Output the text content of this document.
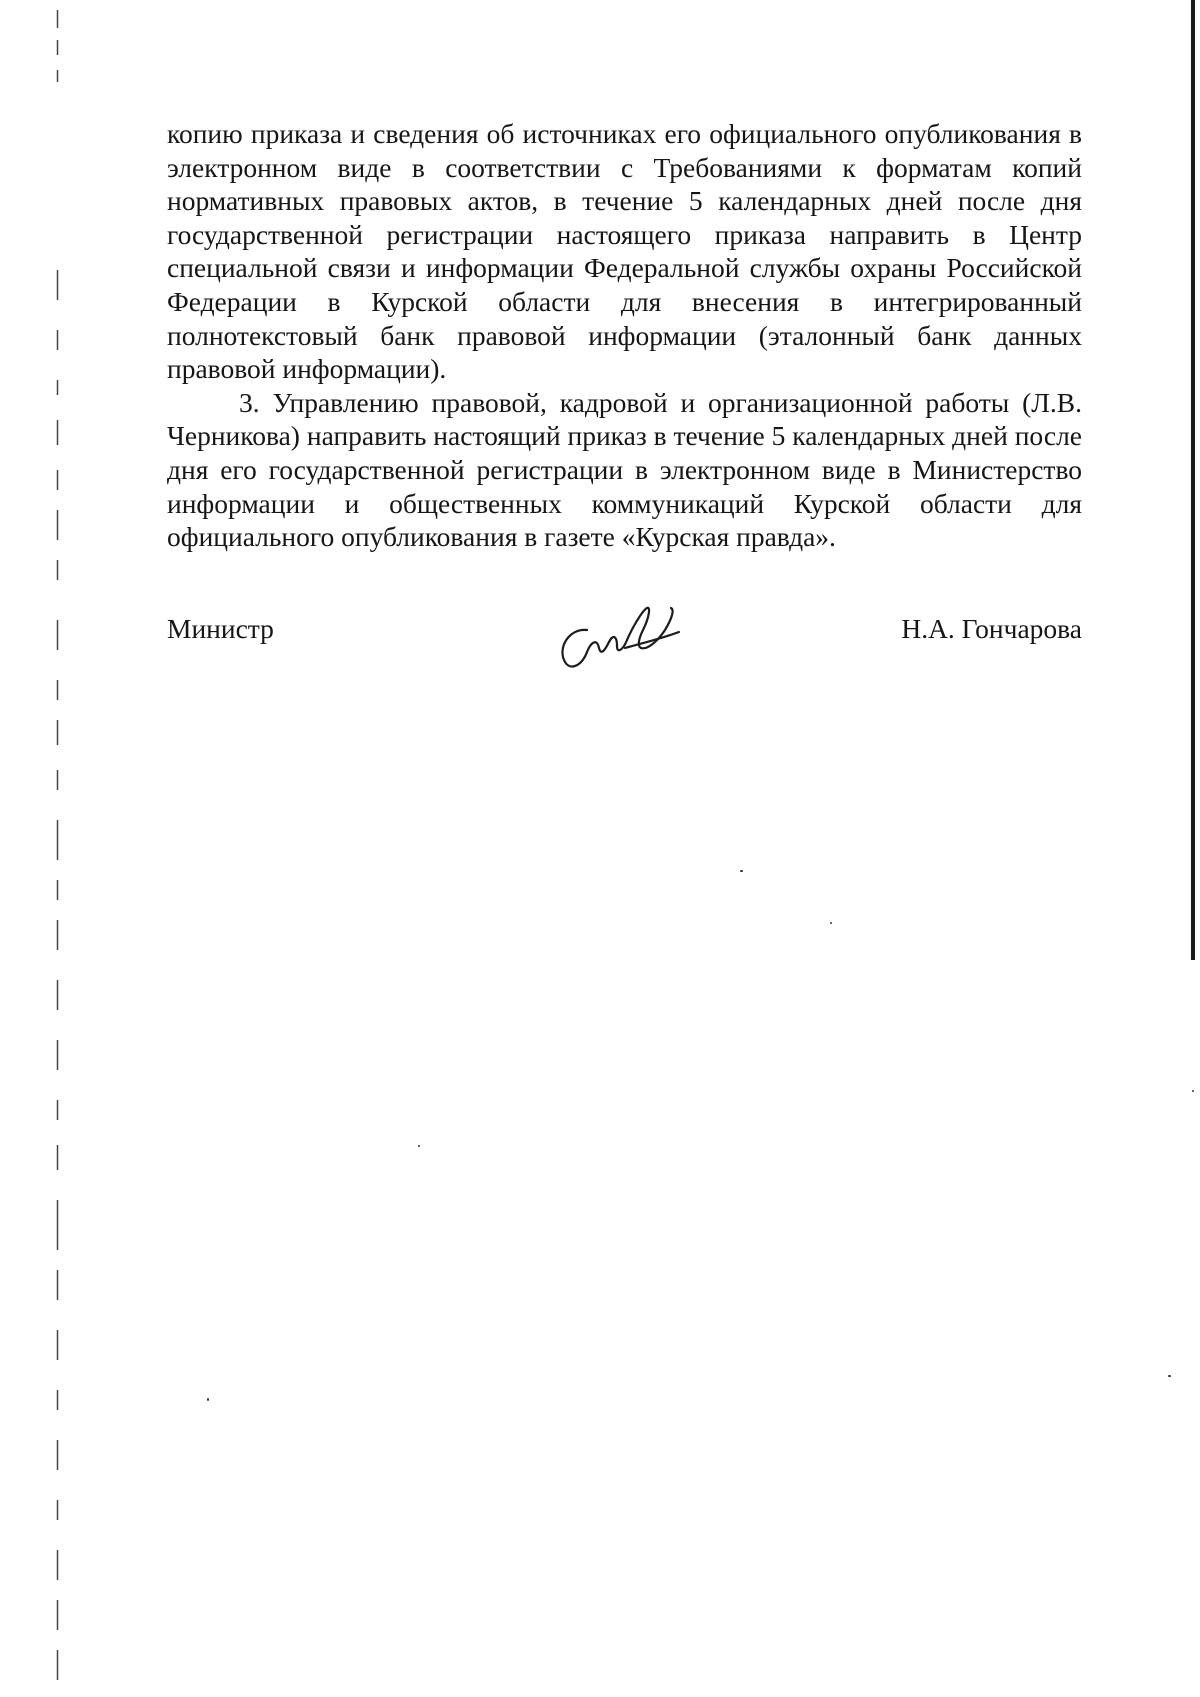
копию приказа и сведения об источниках его официального опубликования в электронном виде в соответствии с Требованиями к форматам копий нормативных правовых актов, в течение 5 календарных дней после дня государственной регистрации настоящего приказа направить в Центр специальной связи и информации Федеральной службы охраны Российской Федерации в Курской области для внесения в интегрированный полнотекстовый банк правовой информации (эталонный банк данных правовой информации).

3. Управлению правовой, кадровой и организационной работы (Л.В. Черникова) направить настоящий приказ в течение 5 календарных дней после дня его государственной регистрации в электронном виде в Министерство информации и общественных коммуникаций Курской области для официального опубликования в газете «Курская правда».

Министр	Н.А. Гончарова
